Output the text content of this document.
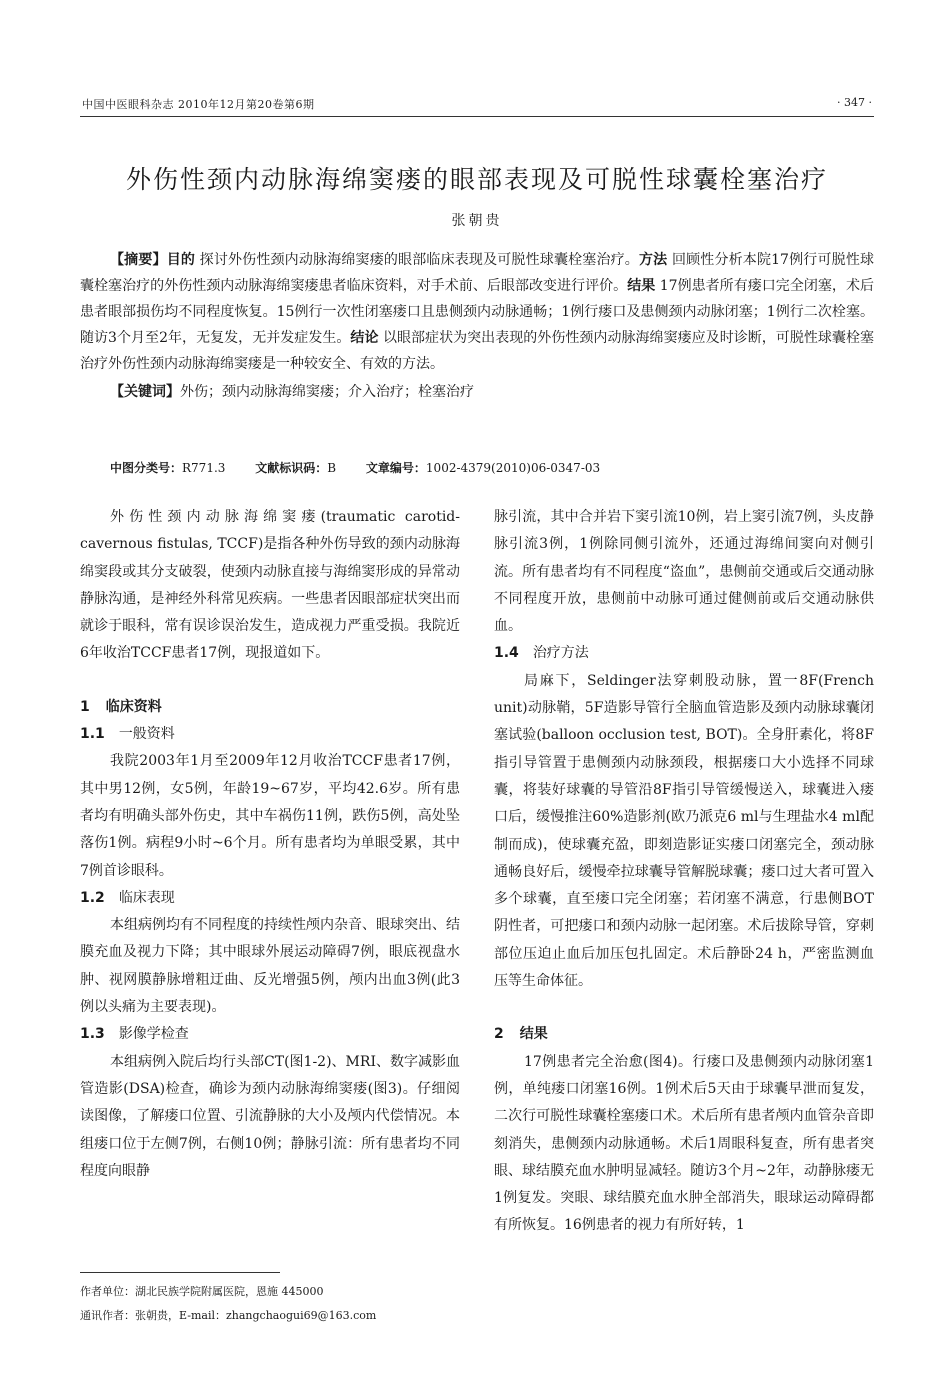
中国中医眼科杂志 2010年12月第20卷第6期	· 347 ·
外伤性颈内动脉海绵窦瘘的眼部表现及可脱性球囊栓塞治疗
张朝贵

【摘要】目的 探讨外伤性颈内动脉海绵窦瘘的眼部临床表现及可脱性球囊栓塞治疗。方法 回顾性分析本院17例行可脱性球囊栓塞治疗的外伤性颈内动脉海绵窦瘘患者临床资料，对手术前、后眼部改变进行评价。结果 17例患者所有瘘口完全闭塞，术后患者眼部损伤均不同程度恢复。15例行一次性闭塞瘘口且患侧颈内动脉通畅；1例行瘘口及患侧颈内动脉闭塞；1例行二次栓塞。随访3个月至2年，无复发，无并发症发生。结论 以眼部症状为突出表现的外伤性颈内动脉海绵窦瘘应及时诊断，可脱性球囊栓塞治疗外伤性颈内动脉海绵窦瘘是一种较安全、有效的方法。

【关键词】外伤；颈内动脉海绵窦瘘；介入治疗；栓塞治疗

中图分类号：R771.3 文献标识码：B 文章编号：1002-4379(2010)06-0347-03

外伤性颈内动脉海绵窦瘘(traumatic carotid-cavernous fistulas, TCCF)是指各种外伤导致的颈内动脉海绵窦段或其分支破裂，使颈内动脉直接与海绵窦形成的异常动静脉沟通，是神经外科常见疾病。一些患者因眼部症状突出而就诊于眼科，常有误诊误治发生，造成视力严重受损。我院近6年收治TCCF患者17例，现报道如下。

1 临床资料
1.1 一般资料

我院2003年1月至2009年12月收治TCCF患者17例，其中男12例，女5例，年龄19~67岁，平均42.6岁。所有患者均有明确头部外伤史，其中车祸伤11例，跌伤5例，高处坠落伤1例。病程9小时~6个月。所有患者均为单眼受累，其中7例首诊眼科。

1.2 临床表现

本组病例均有不同程度的持续性颅内杂音、眼球突出、结膜充血及视力下降；其中眼球外展运动障碍7例，眼底视盘水肿、视网膜静脉增粗迂曲、反光增强5例，颅内出血3例(此3例以头痛为主要表现)。

1.3 影像学检查

本组病例入院后均行头部CT(图1-2)、MRI、数字减影血管造影(DSA)检查，确诊为颈内动脉海绵窦瘘(图3)。仔细阅读图像，了解瘘口位置、引流静脉的大小及颅内代偿情况。本组瘘口位于左侧7例，右侧10例；静脉引流：所有患者均不同程度向眼静

脉引流，其中合并岩下窦引流10例，岩上窦引流7例，头皮静脉引流3例，1例除同侧引流外，还通过海绵间窦向对侧引流。所有患者均有不同程度“盗血”，患侧前交通或后交通动脉不同程度开放，患侧前中动脉可通过健侧前或后交通动脉供血。

1.4 治疗方法

局麻下，Seldinger法穿刺股动脉，置一8F(French unit)动脉鞘，5F造影导管行全脑血管造影及颈内动脉球囊闭塞试验(balloon occlusion test, BOT)。全身肝素化，将8F指引导管置于患侧颈内动脉颈段，根据瘘口大小选择不同球囊，将装好球囊的导管沿8F指引导管缓慢送入，球囊进入瘘口后，缓慢推注60%造影剂(欧乃派克6 ml与生理盐水4 ml配制而成)，使球囊充盈，即刻造影证实瘘口闭塞完全，颈动脉通畅良好后，缓慢牵拉球囊导管解脱球囊；瘘口过大者可置入多个球囊，直至瘘口完全闭塞；若闭塞不满意，行患侧BOT阴性者，可把瘘口和颈内动脉一起闭塞。术后拔除导管，穿刺部位压迫止血后加压包扎固定。术后静卧24 h，严密监测血压等生命体征。

2 结果

17例患者完全治愈(图4)。行瘘口及患侧颈内动脉闭塞1例，单纯瘘口闭塞16例。1例术后5天由于球囊早泄而复发，二次行可脱性球囊栓塞瘘口术。术后所有患者颅内血管杂音即刻消失，患侧颈内动脉通畅。术后1周眼科复查，所有患者突眼、球结膜充血水肿明显减轻。随访3个月~2年，动静脉瘘无1例复发。突眼、球结膜充血水肿全部消失，眼球运动障碍都有所恢复。16例患者的视力有所好转，1

作者单位：湖北民族学院附属医院，恩施 445000
通讯作者：张朝贵，E-mail：zhangchaogui69@163.com
